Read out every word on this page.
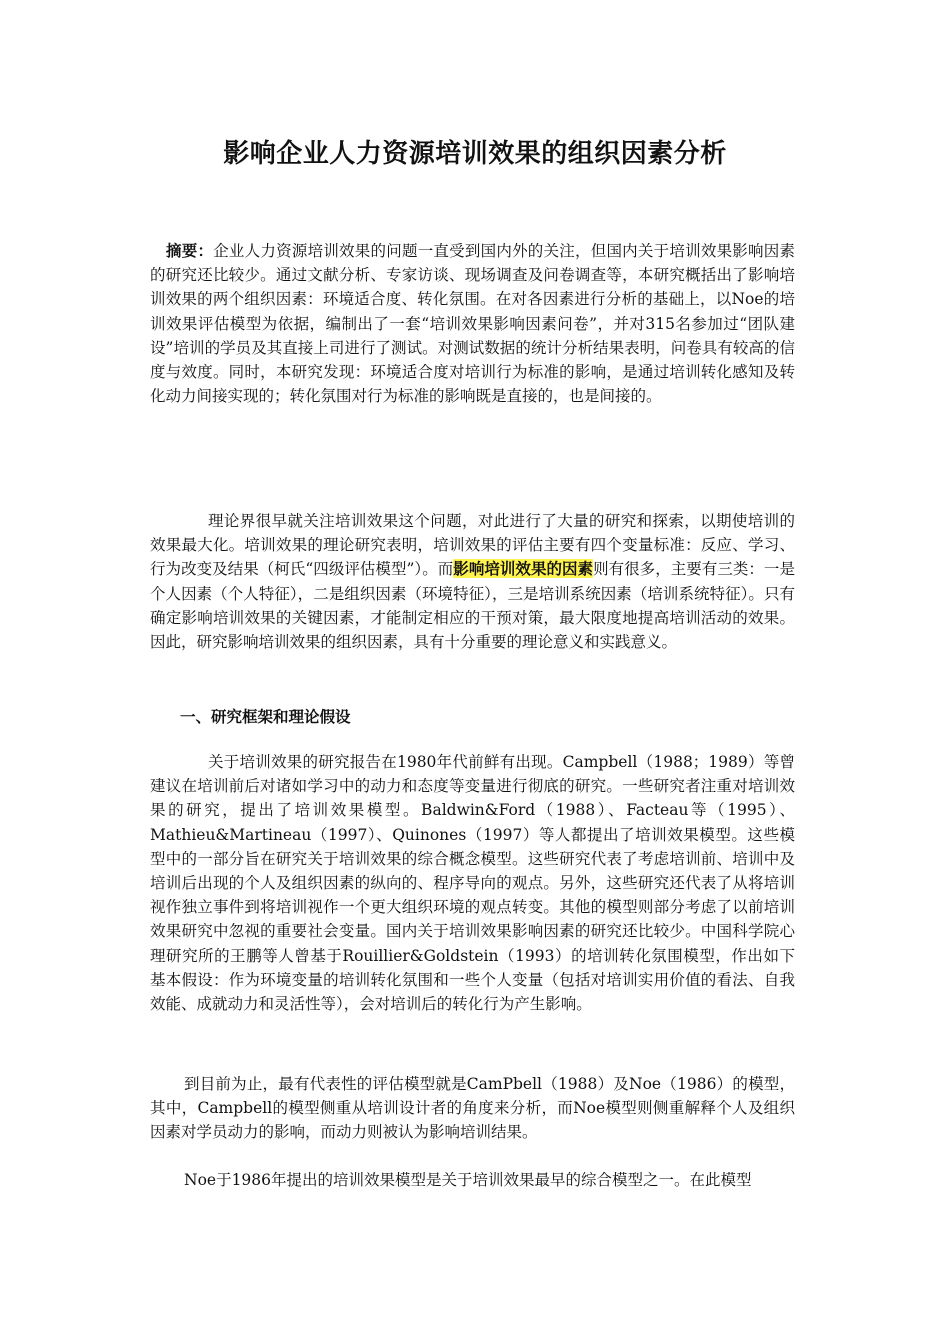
影响企业人力资源培训效果的组织因素分析

摘要：企业人力资源培训效果的问题一直受到国内外的关注，但国内关于培训效果影响因素的研究还比较少。通过文献分析、专家访谈、现场调查及问卷调查等，本研究概括出了影响培训效果的两个组织因素：环境适合度、转化氛围。在对各因素进行分析的基础上，以Noe的培训效果评估模型为依据，编制出了一套“培训效果影响因素问卷”，并对315名参加过“团队建设”培训的学员及其直接上司进行了测试。对测试数据的统计分析结果表明，问卷具有较高的信度与效度。同时，本研究发现：环境适合度对培训行为标准的影响，是通过培训转化感知及转化动力间接实现的；转化氛围对行为标准的影响既是直接的，也是间接的。

理论界很早就关注培训效果这个问题，对此进行了大量的研究和探索，以期使培训的效果最大化。培训效果的理论研究表明，培训效果的评估主要有四个变量标准：反应、学习、行为改变及结果（柯氏“四级评估模型”）。而影响培训效果的因素则有很多，主要有三类：一是个人因素（个人特征），二是组织因素（环境特征），三是培训系统因素（培训系统特征）。只有确定影响培训效果的关键因素，才能制定相应的干预对策，最大限度地提高培训活动的效果。因此，研究影响培训效果的组织因素，具有十分重要的理论意义和实践意义。

一、研究框架和理论假设

关于培训效果的研究报告在1980年代前鲜有出现。Campbell（1988；1989）等曾建议在培训前后对诸如学习中的动力和态度等变量进行彻底的研究。一些研究者注重对培训效果的研究，提出了培训效果模型。Baldwin&Ford（1988）、Facteau等（1995）、Mathieu&Martineau（1997）、Quinones（1997）等人都提出了培训效果模型。这些模型中的一部分旨在研究关于培训效果的综合概念模型。这些研究代表了考虑培训前、培训中及培训后出现的个人及组织因素的纵向的、程序导向的观点。另外，这些研究还代表了从将培训视作独立事件到将培训视作一个更大组织环境的观点转变。其他的模型则部分考虑了以前培训效果研究中忽视的重要社会变量。国内关于培训效果影响因素的研究还比较少。中国科学院心理研究所的王鹏等人曾基于Rouillier&Goldstein（1993）的培训转化氛围模型，作出如下基本假设：作为环境变量的培训转化氛围和一些个人变量（包括对培训实用价值的看法、自我效能、成就动力和灵活性等），会对培训后的转化行为产生影响。

到目前为止，最有代表性的评估模型就是CamPbell（1988）及Noe（1986）的模型，其中，Campbell的模型侧重从培训设计者的角度来分析，而Noe模型则侧重解释个人及组织因素对学员动力的影响，而动力则被认为影响培训结果。

Noe于1986年提出的培训效果模型是关于培训效果最早的综合模型之一。在此模型
